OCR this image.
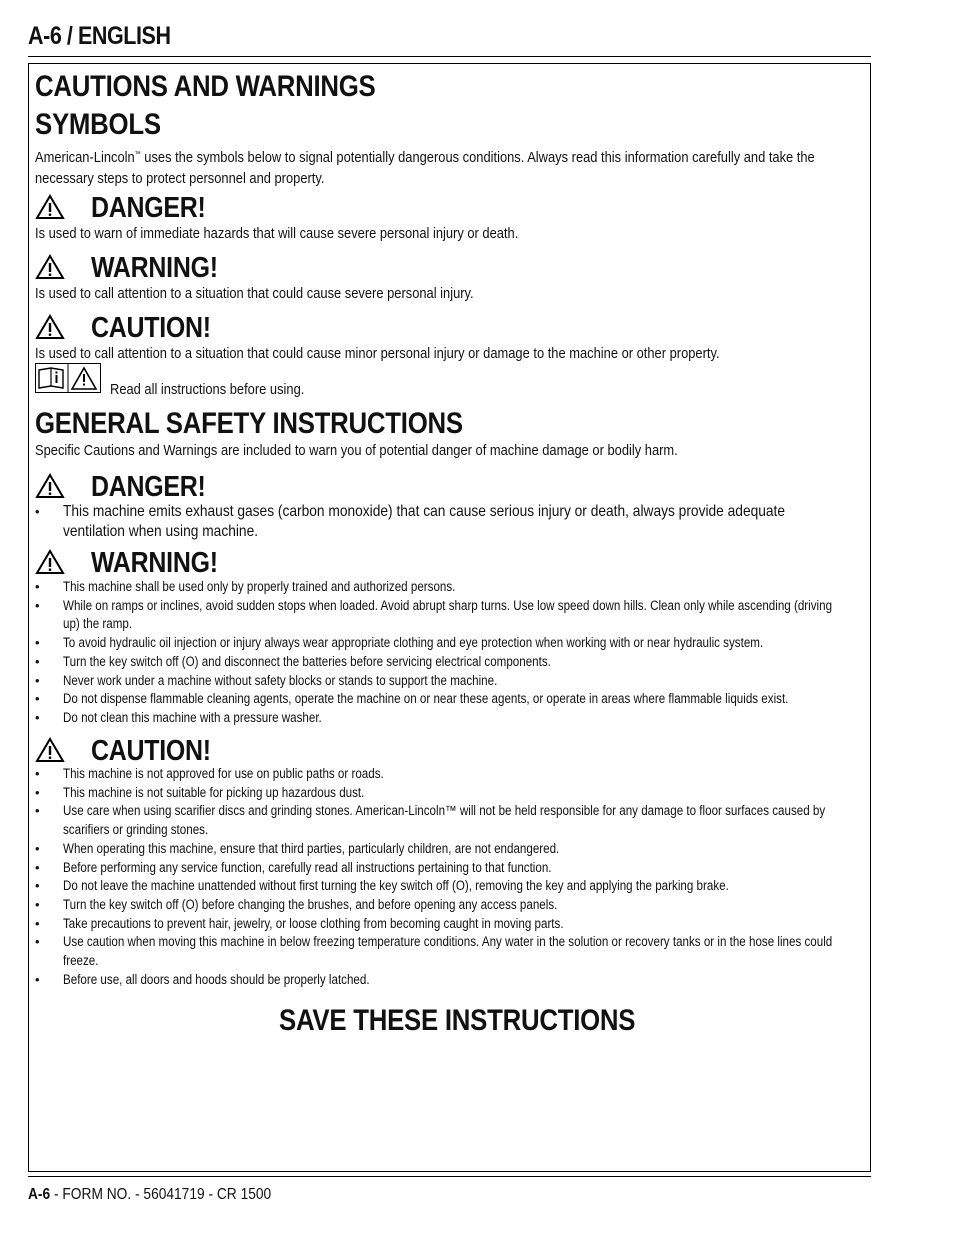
A-6 / ENGLISH
CAUTIONS AND WARNINGS
SYMBOLS
American-Lincoln™ uses the symbols below to signal potentially dangerous conditions. Always read this information carefully and take the necessary steps to protect personnel and property.
DANGER!
Is used to warn of immediate hazards that will cause severe personal injury or death.
WARNING!
Is used to call attention to a situation that could cause severe personal injury.
CAUTION!
Is used to call attention to a situation that could cause minor personal injury or damage to the machine or other property.
Read all instructions before using.
GENERAL SAFETY INSTRUCTIONS
Specific Cautions and Warnings are included to warn you of potential danger of machine damage or bodily harm.
DANGER!
• This machine emits exhaust gases (carbon monoxide) that can cause serious injury or death, always provide adequate ventilation when using machine.
WARNING!
• This machine shall be used only by properly trained and authorized persons.
• While on ramps or inclines, avoid sudden stops when loaded. Avoid abrupt sharp turns. Use low speed down hills. Clean only while ascending (driving up) the ramp.
• To avoid hydraulic oil injection or injury always wear appropriate clothing and eye protection when working with or near hydraulic system.
• Turn the key switch off (O) and disconnect the batteries before servicing electrical components.
• Never work under a machine without safety blocks or stands to support the machine.
• Do not dispense flammable cleaning agents, operate the machine on or near these agents, or operate in areas where flammable liquids exist.
• Do not clean this machine with a pressure washer.
CAUTION!
• This machine is not approved for use on public paths or roads.
• This machine is not suitable for picking up hazardous dust.
• Use care when using scarifier discs and grinding stones. American-Lincoln™ will not be held responsible for any damage to floor surfaces caused by scarifiers or grinding stones.
• When operating this machine, ensure that third parties, particularly children, are not endangered.
• Before performing any service function, carefully read all instructions pertaining to that function.
• Do not leave the machine unattended without first turning the key switch off (O), removing the key and applying the parking brake.
• Turn the key switch off (O) before changing the brushes, and before opening any access panels.
• Take precautions to prevent hair, jewelry, or loose clothing from becoming caught in moving parts.
• Use caution when moving this machine in below freezing temperature conditions. Any water in the solution or recovery tanks or in the hose lines could freeze.
• Before use, all doors and hoods should be properly latched.
SAVE THESE INSTRUCTIONS
A-6 - FORM NO. - 56041719 - CR 1500
